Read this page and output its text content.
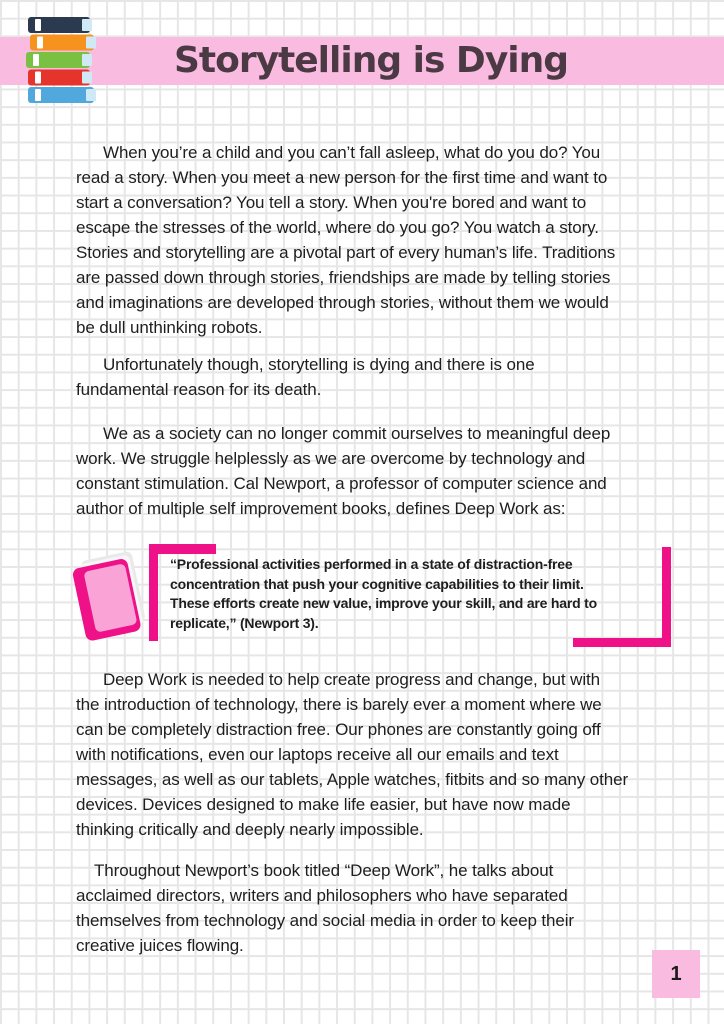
Storytelling is Dying
When you’re a child and you can’t fall asleep, what do you do? You
read a story. When you meet a new person for the first time and want to
start a conversation? You tell a story. When you're bored and want to
escape the stresses of the world, where do you go? You watch a story.
Stories and storytelling are a pivotal part of every human’s life. Traditions
are passed down through stories, friendships are made by telling stories
and imaginations are developed through stories, without them we would
be dull unthinking robots.
Unfortunately though, storytelling is dying and there is one
fundamental reason for its death.
We as a society can no longer commit ourselves to meaningful deep
work. We struggle helplessly as we are overcome by technology and
constant stimulation. Cal Newport, a professor of computer science and
author of multiple self improvement books, defines Deep Work as:
Deep Work is needed to help create progress and change, but with
the introduction of technology, there is barely ever a moment where we
can be completely distraction free. Our phones are constantly going off
with notifications, even our laptops receive all our emails and text
messages, as well as our tablets, Apple watches, fitbits and so many other
devices. Devices designed to make life easier, but have now made
thinking critically and deeply nearly impossible.
Throughout Newport’s book titled “Deep Work”, he talks about
acclaimed directors, writers and philosophers who have separated
themselves from technology and social media in order to keep their
creative juices flowing.
“Professional activities performed in a state of distraction-free
concentration that push your cognitive capabilities to their limit.
These efforts create new value, improve your skill, and are hard to
replicate,” (Newport 3).
1
